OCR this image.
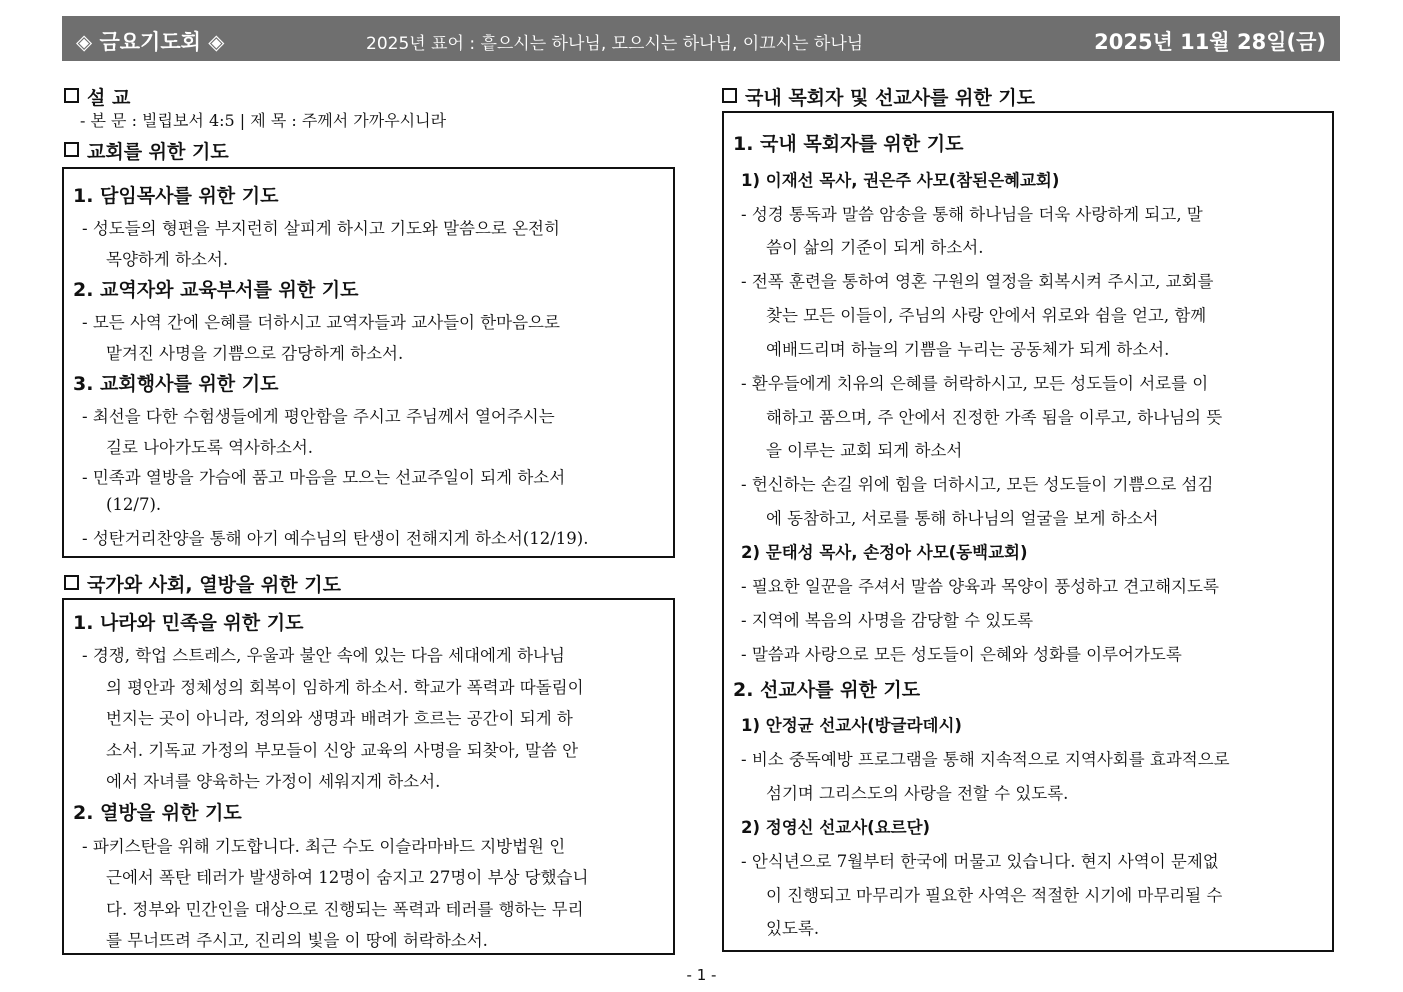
◈ 금요기도회 ◈	2025년 표어 : 흩으시는 하나님, 모으시는 하나님, 이끄시는 하나님	2025년 11월 28일(금)
설 교
- 본 문 : 빌립보서 4:5 | 제 목 : 주께서 가까우시니라
교회를 위한 기도
1. 담임목사를 위한 기도
- 성도들의 형편을 부지런히 살피게 하시고 기도와 말씀으로 온전히
목양하게 하소서.
2. 교역자와 교육부서를 위한 기도
- 모든 사역 간에 은혜를 더하시고 교역자들과 교사들이 한마음으로
맡겨진 사명을 기쁨으로 감당하게 하소서.
3. 교회행사를 위한 기도
- 최선을 다한 수험생들에게 평안함을 주시고 주님께서 열어주시는
길로 나아가도록 역사하소서.
- 민족과 열방을 가슴에 품고 마음을 모으는 선교주일이 되게 하소서
(12/7).
- 성탄거리찬양을 통해 아기 예수님의 탄생이 전해지게 하소서(12/19).
국가와 사회, 열방을 위한 기도
1. 나라와 민족을 위한 기도
- 경쟁, 학업 스트레스, 우울과 불안 속에 있는 다음 세대에게 하나님
의 평안과 정체성의 회복이 임하게 하소서. 학교가 폭력과 따돌림이
번지는 곳이 아니라, 정의와 생명과 배려가 흐르는 공간이 되게 하
소서. 기독교 가정의 부모들이 신앙 교육의 사명을 되찾아, 말씀 안
에서 자녀를 양육하는 가정이 세워지게 하소서.
2. 열방을 위한 기도
- 파키스탄을 위해 기도합니다. 최근 수도 이슬라마바드 지방법원 인
근에서 폭탄 테러가 발생하여 12명이 숨지고 27명이 부상 당했습니
다. 정부와 민간인을 대상으로 진행되는 폭력과 테러를 행하는 무리
를 무너뜨려 주시고, 진리의 빛을 이 땅에 허락하소서.
국내 목회자 및 선교사를 위한 기도
1. 국내 목회자를 위한 기도
1) 이재선 목사, 권은주 사모(참된은혜교회)
- 성경 통독과 말씀 암송을 통해 하나님을 더욱 사랑하게 되고, 말
씀이 삶의 기준이 되게 하소서.
- 전폭 훈련을 통하여 영혼 구원의 열정을 회복시켜 주시고, 교회를
찾는 모든 이들이, 주님의 사랑 안에서 위로와 쉼을 얻고, 함께
예배드리며 하늘의 기쁨을 누리는 공동체가 되게 하소서.
- 환우들에게 치유의 은혜를 허락하시고, 모든 성도들이 서로를 이
해하고 품으며, 주 안에서 진정한 가족 됨을 이루고, 하나님의 뜻
을 이루는 교회 되게 하소서
- 헌신하는 손길 위에 힘을 더하시고, 모든 성도들이 기쁨으로 섬김
에 동참하고, 서로를 통해 하나님의 얼굴을 보게 하소서
2) 문태성 목사, 손정아 사모(동백교회)
- 필요한 일꾼을 주셔서 말씀 양육과 목양이 풍성하고 견고해지도록
- 지역에 복음의 사명을 감당할 수 있도록
- 말씀과 사랑으로 모든 성도들이 은혜와 성화를 이루어가도록
2. 선교사를 위한 기도
1) 안정균 선교사(방글라데시)
- 비소 중독예방 프로그램을 통해 지속적으로 지역사회를 효과적으로
섬기며 그리스도의 사랑을 전할 수 있도록.
2) 정영신 선교사(요르단)
- 안식년으로 7월부터 한국에 머물고 있습니다. 현지 사역이 문제없
이 진행되고 마무리가 필요한 사역은 적절한 시기에 마무리될 수
있도록.
- 1 -
